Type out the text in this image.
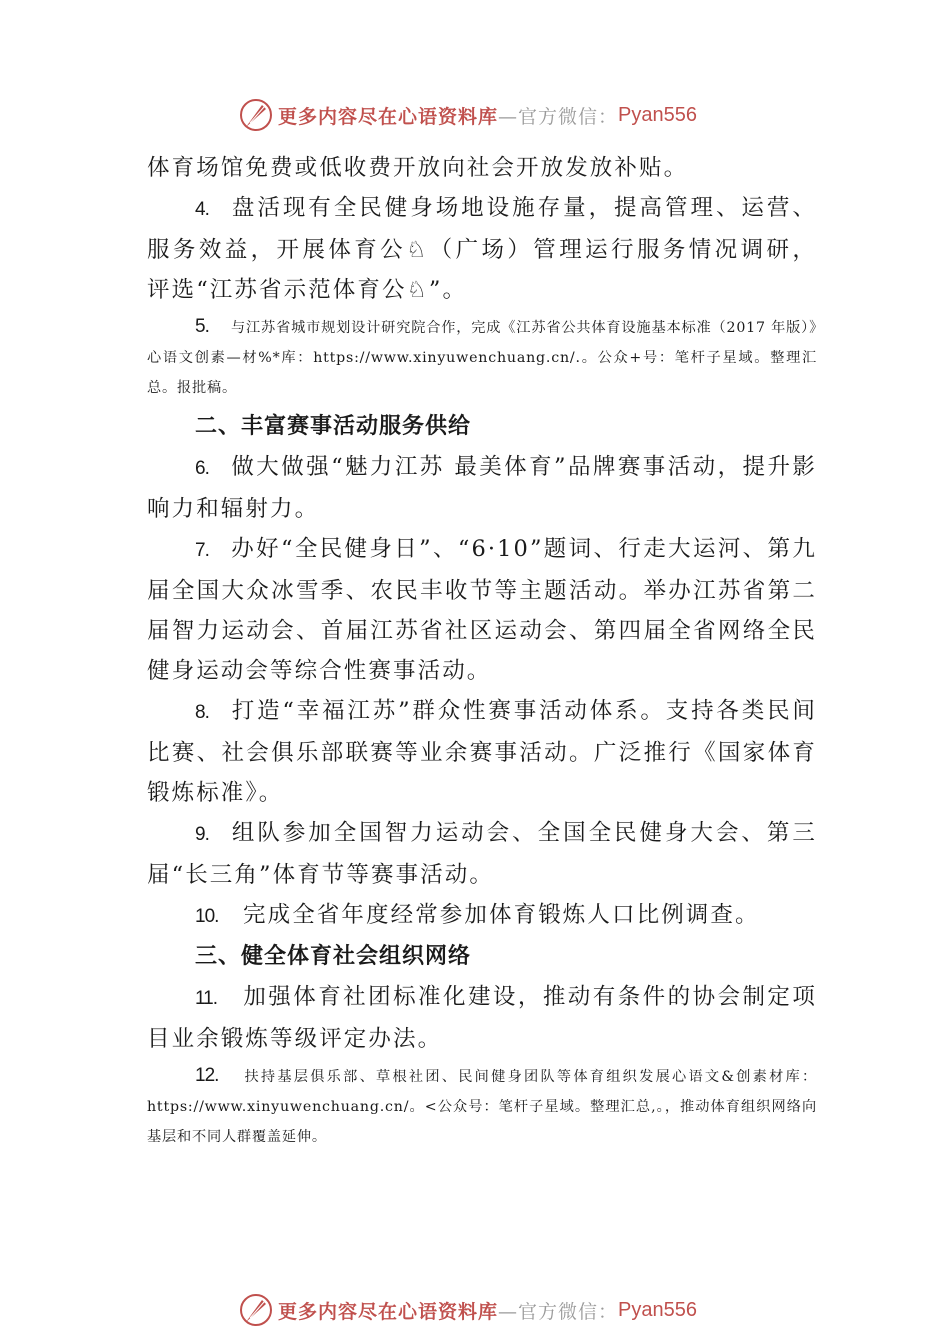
更多内容尽在心语资料库 —官方微信： Pyan556

体育场馆免费或低收费开放向社会开放发放补贴。

4. 盘活现有全民健身场地设施存量，提高管理、运营、服务效益，开展体育公♘（广场）管理运行服务情况调研， 评选“江苏省示范体育公♘”。

5. 与江苏省城市规划设计研究院合作，完成《江苏省公共体育设施基本标准（2017 年版）》心语文创素—材%*库：https://www.xinyuwenchuang.cn/.。公众+号：笔杆子星域。整理汇总。报批稿。

二、丰富赛事活动服务供给

6. 做大做强“魅力江苏 最美体育”品牌赛事活动，提升影响力和辐射力。

7. 办好“全民健身日”、“6·10”题词、行走大运河、第九届全国大众冰雪季、农民丰收节等主题活动。举办江苏省第二届智力运动会、首届江苏省社区运动会、第四届全省网络全民健身运动会等综合性赛事活动。

8. 打造“幸福江苏”群众性赛事活动体系。支持各类民间比赛、社会俱乐部联赛等业余赛事活动。广泛推行《国家体育锻炼标准》。

9. 组队参加全国智力运动会、全国全民健身大会、第三届“长三角”体育节等赛事活动。

10. 完成全省年度经常参加体育锻炼人口比例调查。

三、健全体育社会组织网络

11. 加强体育社团标准化建设，推动有条件的协会制定项目业余锻炼等级评定办法。

12. 扶持基层俱乐部、草根社团、民间健身团队等体育组织发展心语文&创素材库：https://www.xinyuwenchuang.cn/。<公众号：笔杆子星域。整理汇总,。，推动体育组织网络向基层和不同人群覆盖延伸。

更多内容尽在心语资料库 —官方微信： Pyan556
